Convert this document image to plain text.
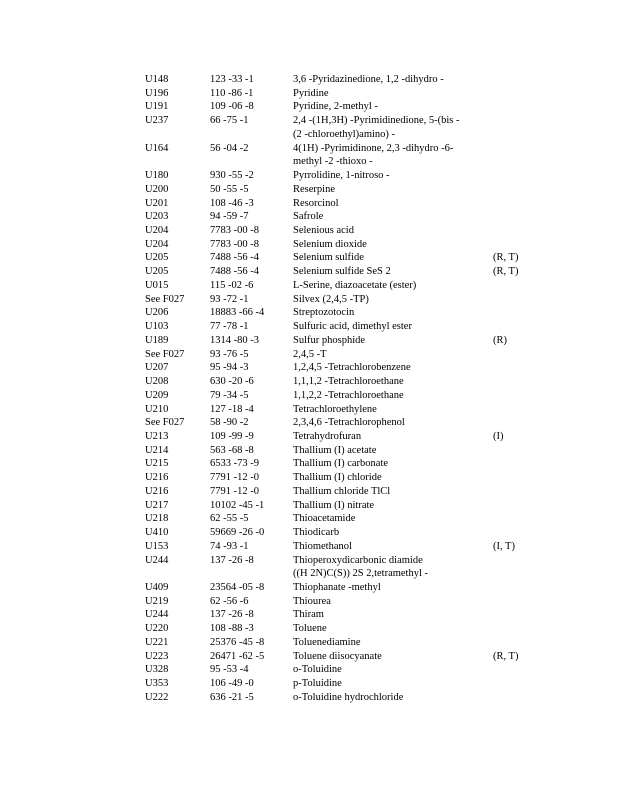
U148	123 -33 -1	3,6 -Pyridazinedione, 1,2 -dihydro -
U196	110 -86 -1	Pyridine
U191	109 -06 -8	Pyridine, 2-methyl -
U237	66 -75 -1	2,4 -(1H,3H) -Pyrimidinedione, 5-(bis -
(2 -chloroethyl)amino) -
U164	56 -04 -2	4(1H) -Pyrimidinone, 2,3 -dihydro -6-
methyl -2 -thioxo -
U180	930 -55 -2	Pyrrolidine, 1-nitroso -
U200	50 -55 -5	Reserpine
U201	108 -46 -3	Resorcinol
U203	94 -59 -7	Safrole
U204	7783 -00 -8	Selenious acid
U204	7783 -00 -8	Selenium dioxide
U205	7488 -56 -4	Selenium sulfide	(R, T)
U205	7488 -56 -4	Selenium sulfide SeS 2	(R, T)
U015	115 -02 -6	L-Serine, diazoacetate (ester)
See F027 93 -72 -1	Silvex (2,4,5 -TP)
U206	18883 -66 -4	Streptozotocin
U103	77 -78 -1	Sulfuric acid, dimethyl ester
U189	1314 -80 -3	Sulfur phosphide	(R)
See F027 93 -76 -5	2,4,5 -T
U207	95 -94 -3	1,2,4,5 -Tetrachlorobenzene
U208	630 -20 -6	1,1,1,2 -Tetrachloroethane
U209	79 -34 -5	1,1,2,2 -Tetrachloroethane
U210	127 -18 -4	Tetrachloroethylene
See F027 58 -90 -2	2,3,4,6 -Tetrachlorophenol
U213	109 -99 -9	Tetrahydrofuran	(I)
U214	563 -68 -8	Thallium (I) acetate
U215	6533 -73 -9	Thallium (I) carbonate
U216	7791 -12 -0	Thallium (I) chloride
U216	7791 -12 -0	Thallium chloride TlCl
U217	10102 -45 -1	Thallium (I) nitrate
U218	62 -55 -5	Thioacetamide
U410	59669 -26 -0	Thiodicarb
U153	74 -93 -1	Thiomethanol	(I, T)
U244	137 -26 -8	Thioperoxydicarbonic diamide
((H 2N)C(S)) 2S 2,tetramethyl -
U409	23564 -05 -8	Thiophanate -methyl
U219	62 -56 -6	Thiourea
U244	137 -26 -8	Thiram
U220	108 -88 -3	Toluene
U221	25376 -45 -8	Toluenediamine
U223	26471 -62 -5	Toluene diisocyanate	(R, T)
U328	95 -53 -4	o-Toluidine
U353	106 -49 -0	p-Toluidine
U222	636 -21 -5	o-Toluidine hydrochloride
